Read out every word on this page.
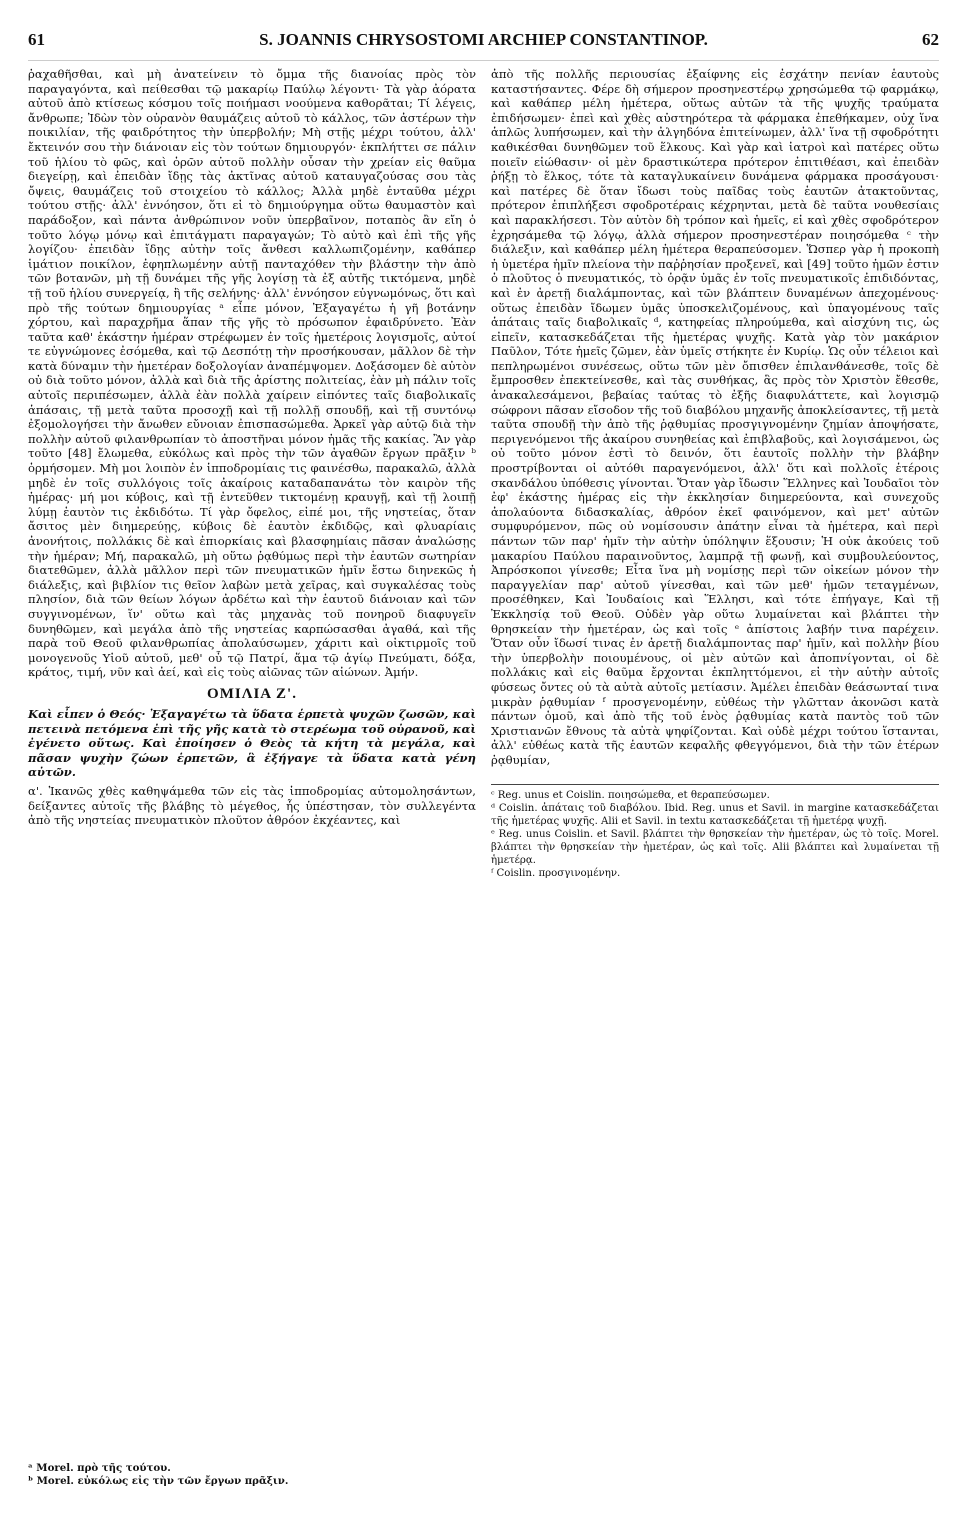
61	S. JOANNIS CHRYSOSTOMI ARCHIEP CONSTANTINOP.	62

ῥαχαθῆσθαι, καὶ μὴ ἀνατείνειν τὸ ὄμμα τῆς διανοίας πρὸς τὸν παραγαγόντα, καὶ πείθεσθαι τῷ μακαρίῳ Παύλῳ λέγοντι· Τὰ γὰρ ἀόρατα αὐτοῦ ἀπὸ κτίσεως κόσμου τοῖς ποιήμασι νοούμενα καθορᾶται; Τί λέγεις, ἄνθρωπε; Ἰδὼν τὸν οὐρανὸν θαυμάζεις αὐτοῦ τὸ κάλλος, τῶν ἀστέρων τὴν ποικιλίαν, τῆς φαιδρότητος τὴν ὑπερβολήν; Μὴ στῇς μέχρι τούτου, ἀλλ' ἔκτεινόν σου τὴν διάνοιαν εἰς τὸν τούτων δημιουργόν· ἐκπλήττει σε πάλιν τοῦ ἡλίου τὸ φῶς, καὶ ὁρῶν αὐτοῦ πολλὴν οὖσαν τὴν χρείαν εἰς θαῦμα διεγείρῃ, καὶ ἐπειδὰν ἴδῃς τὰς ἀκτῖνας αὐτοῦ καταυγαζούσας σου τὰς ὄψεις, θαυμάζεις τοῦ στοιχείου τὸ κάλλος; Ἀλλὰ μηδὲ ἐνταῦθα μέχρι τούτου στῇς· ἀλλ' ἐννόησον, ὅτι εἰ τὸ δημιούργημα οὕτω θαυμαστὸν καὶ παράδοξον, καὶ πάντα ἀνθρώπινον νοῦν ὑπερβαῖνον, ποταπὸς ἂν εἴη ὁ τοῦτο λόγῳ μόνῳ καὶ ἐπιτάγματι παραγαγών; Τὸ αὐτὸ καὶ ἐπὶ τῆς γῆς λογίζου· ἐπειδὰν ἴδῃς αὐτὴν τοῖς ἄνθεσι καλλωπιζομένην, καθάπερ ἱμάτιον ποικίλον, ἐφηπλωμένην αὐτῇ πανταχόθεν τὴν βλάστην τὴν ἀπὸ τῶν βοτανῶν, μὴ τῇ δυνάμει τῆς γῆς λογίσῃ τὰ ἐξ αὐτῆς τικτόμενα, μηδὲ τῇ τοῦ ἡλίου συνεργείᾳ, ἢ τῆς σελήνης· ἀλλ' ἐννόησον εὐγνωμόνως, ὅτι καὶ πρὸ τῆς τούτων δημιουργίας ᵃ εἶπε μόνον, Ἐξαγαγέτω ἡ γῆ βοτάνην χόρτου, καὶ παραχρῆμα ἅπαν τῆς γῆς τὸ πρόσωπον ἐφαιδρύνετο. Ἐὰν ταῦτα καθ' ἑκάστην ἡμέραν στρέφωμεν ἐν τοῖς ἡμετέροις λογισμοῖς, αὐτοί τε εὐγνώμονες ἐσόμεθα, καὶ τῷ Δεσπότῃ τὴν προσήκουσαν, μᾶλλον δὲ τὴν κατὰ δύναμιν τὴν ἡμετέραν δοξολογίαν ἀναπέμψομεν. Δοξάσομεν δὲ αὐτὸν οὐ διὰ τοῦτο μόνον, ἀλλὰ καὶ διὰ τῆς ἀρίστης πολιτείας, ἐὰν μὴ πάλιν τοῖς αὐτοῖς περιπέσωμεν, ἀλλὰ ἐὰν πολλὰ χαίρειν εἰπόντες ταῖς διαβολικαῖς ἁπάσαις, τῇ μετὰ ταῦτα προσοχῇ καὶ τῇ πολλῇ σπουδῇ, καὶ τῇ συντόνῳ ἐξομολογήσει τὴν ἄνωθεν εὔνοιαν ἐπισπασώμεθα. Ἀρκεῖ γὰρ αὐτῷ διὰ τὴν πολλὴν αὐτοῦ φιλανθρωπίαν τὸ ἀποστῆναι μόνον ἡμᾶς τῆς κακίας. Ἂν γὰρ τοῦτο [48] ἔλωμεθα, εὐκόλως καὶ πρὸς τὴν τῶν ἀγαθῶν ἔργων πρᾶξιν ᵇ ὁρμήσομεν. Μὴ μοι λοιπὸν ἐν ἱπποδρομίαις τις φαινέσθω, παρακαλῶ, ἀλλὰ μηδὲ ἐν τοῖς συλλόγοις τοῖς ἀκαίροις καταδαπανάτω τὸν καιρὸν τῆς ἡμέρας· μή μοι κύβοις, καὶ τῇ ἐντεῦθεν τικτομένῃ κραυγῇ, καὶ τῇ λοιπῇ λύμῃ ἑαυτὸν τις ἐκδιδότω. Τί γὰρ ὄφελος, εἰπέ μοι, τῆς νηστείας, ὅταν ἄσιτος μὲν διημερεύῃς, κύβοις δὲ ἑαυτὸν ἐκδιδῷς, καὶ φλυαρίαις ἀνονήτοις, πολλάκις δὲ καὶ ἐπιορκίαις καὶ βλασφημίαις πᾶσαν ἀναλώσῃς τὴν ἡμέραν; Μή, παρακαλῶ, μὴ οὕτω ῥᾳθύμως περὶ τὴν ἑαυτῶν σωτηρίαν διατεθῶμεν, ἀλλὰ μᾶλλον περὶ τῶν πνευματικῶν ἡμῖν ἔστω διηνεκῶς ἡ διάλεξις, καὶ βιβλίον τις θεῖον λαβὼν μετὰ χεῖρας, καὶ συγκαλέσας τοὺς πλησίον, διὰ τῶν θείων λόγων ἀρδέτω καὶ τὴν ἑαυτοῦ διάνοιαν καὶ τῶν συγγινομένων, ἵν' οὕτω καὶ τὰς μηχανὰς τοῦ πονηροῦ διαφυγεῖν δυνηθῶμεν, καὶ μεγάλα ἀπὸ τῆς νηστείας καρπώσασθαι ἀγαθά, καὶ τῆς παρὰ τοῦ Θεοῦ φιλανθρωπίας ἀπολαύσωμεν, χάριτι καὶ οἰκτιρμοῖς τοῦ μονογενοῦς Υἱοῦ αὐτοῦ, μεθ' οὗ τῷ Πατρί, ἅμα τῷ ἁγίῳ Πνεύματι, δόξα, κράτος, τιμή, νῦν καὶ ἀεί, καὶ εἰς τοὺς αἰῶνας τῶν αἰώνων. Ἀμήν.

ΟΜΙΛΙΑ Ζ'.

Καὶ εἶπεν ὁ Θεός· Ἐξαγαγέτω τὰ ὕδατα ἑρπετὰ ψυχῶν ζωσῶν, καὶ πετεινὰ πετόμενα ἐπὶ τῆς γῆς κατὰ τὸ στερέωμα τοῦ οὐρανοῦ, καὶ ἐγένετο οὕτως. Καὶ ἐποίησεν ὁ Θεὸς τὰ κήτη τὰ μεγάλα, καὶ πᾶσαν ψυχὴν ζώων ἑρπετῶν, ἃ ἐξήγαγε τὰ ὕδατα κατὰ γένη αὐτῶν.

α'. Ἱκανῶς χθὲς καθηψάμεθα τῶν εἰς τὰς ἱπποδρομίας αὐτομολησάντων, δείξαντες αὐτοῖς τῆς βλάβης τὸ μέγεθος, ἧς ὑπέστησαν, τὸν συλλεγέντα ἀπὸ τῆς νηστείας πνευματικὸν πλοῦτον ἀθρόον ἐκχέαντες, καὶ

ἀπὸ τῆς πολλῆς περιουσίας ἐξαίφνης εἰς ἐσχάτην πενίαν ἑαυτοὺς καταστήσαντες. Φέρε δὴ σήμερον προσηνεστέρῳ χρησώμεθα τῷ φαρμάκῳ, καὶ καθάπερ μέλη ἡμέτερα, οὕτως αὐτῶν τὰ τῆς ψυχῆς τραύματα ἐπιδήσωμεν· ἐπεὶ καὶ χθὲς αὐστηρότερα τὰ φάρμακα ἐπεθήκαμεν, οὐχ ἵνα ἁπλῶς λυπήσωμεν, καὶ τὴν ἀλγηδόνα ἐπιτείνωμεν, ἀλλ' ἵνα τῇ σφοδρότητι καθικέσθαι δυνηθῶμεν τοῦ ἕλκους. Καὶ γὰρ καὶ ἰατροὶ καὶ πατέρες οὕτω ποιεῖν εἰώθασιν· οἱ μὲν δραστικώτερα πρότερον ἐπιτιθέασι, καὶ ἐπειδὰν ῥήξῃ τὸ ἕλκος, τότε τὰ καταγλυκαίνειν δυνάμενα φάρμακα προσάγουσι· καὶ πατέρες δὲ ὅταν ἴδωσι τοὺς παῖδας τοὺς ἑαυτῶν ἀτακτοῦντας, πρότερον ἐπιπλήξεσι σφοδροτέραις κέχρηνται, μετὰ δὲ ταῦτα νουθεσίαις καὶ παρακλήσεσι. Τὸν αὐτὸν δὴ τρόπον καὶ ἡμεῖς, εἰ καὶ χθὲς σφοδρότερον ἐχρησάμεθα τῷ λόγῳ, ἀλλὰ σήμερον προσηνεστέραν ποιησόμεθα ᶜ τὴν διάλεξιν, καὶ καθάπερ μέλη ἡμέτερα θεραπεύσομεν. Ὥσπερ γὰρ ἡ προκοπὴ ἡ ὑμετέρα ἡμῖν πλείονα τὴν παῤῥησίαν προξενεῖ, καὶ [49] τοῦτο ἡμῶν ἐστιν ὁ πλοῦτος ὁ πνευματικός, τὸ ὁρᾷν ὑμᾶς ἐν τοῖς πνευματικοῖς ἐπιδιδόντας, καὶ ἐν ἀρετῇ διαλάμποντας, καὶ τῶν βλάπτειν δυναμένων ἀπεχομένους· οὕτως ἐπειδὰν ἴδωμεν ὑμᾶς ὑποσκελιζομένους, καὶ ὑπαγομένους ταῖς ἁπάταις ταῖς διαβολικαῖς ᵈ, κατηφείας πληρούμεθα, καὶ αἰσχύνη τις, ὡς εἰπεῖν, κατασκεδάζεται τῆς ἡμετέρας ψυχῆς. Κατὰ γὰρ τὸν μακάριον Παῦλον, Τότε ἡμεῖς ζῶμεν, ἐὰν ὑμεῖς στήκητε ἐν Κυρίῳ. Ὡς οὖν τέλειοι καὶ πεπληρωμένοι συνέσεως, οὕτω τῶν μὲν ὄπισθεν ἐπιλανθάνεσθε, τοῖς δὲ ἔμπροσθεν ἐπεκτείνεσθε, καὶ τὰς συνθήκας, ἃς πρὸς τὸν Χριστὸν ἔθεσθε, ἀνακαλεσάμενοι, βεβαίας ταύτας τὸ ἐξῆς διαφυλάττετε, καὶ λογισμῷ σώφρονι πᾶσαν εἴσοδον τῆς τοῦ διαβόλου μηχανῆς ἀποκλείσαντες, τῇ μετὰ ταῦτα σπουδῇ τὴν ἀπὸ τῆς ῥᾳθυμίας προσγιγνομένην ζημίαν ἀποψήσατε, περιγενόμενοι τῆς ἀκαίρου συνηθείας καὶ ἐπιβλαβοῦς, καὶ λογισάμενοι, ὡς οὐ τοῦτο μόνον ἐστὶ τὸ δεινόν, ὅτι ἑαυτοῖς πολλὴν τὴν βλάβην προστρίβονται οἱ αὐτόθι παραγενόμενοι, ἀλλ' ὅτι καὶ πολλοῖς ἑτέροις σκανδάλου ὑπόθεσις γίνονται. Ὅταν γὰρ ἴδωσιν Ἕλληνες καὶ Ἰουδαῖοι τὸν ἐφ' ἑκάστης ἡμέρας εἰς τὴν ἐκκλησίαν διημερεύοντα, καὶ συνεχοῦς ἀπολαύοντα διδασκαλίας, ἀθρόον ἐκεῖ φαινόμενον, καὶ μετ' αὐτῶν συμφυρόμενον, πῶς οὐ νομίσουσιν ἀπάτην εἶναι τὰ ἡμέτερα, καὶ περὶ πάντων τῶν παρ' ἡμῖν τὴν αὐτὴν ὑπόληψιν ἕξουσιν; Ἡ οὐκ ἀκούεις τοῦ μακαρίου Παύλου παραινοῦντος, λαμπρᾷ τῇ φωνῇ, καὶ συμβουλεύοντος, Ἀπρόσκοποι γίνεσθε; Εἶτα ἵνα μὴ νομίσῃς περὶ τῶν οἰκείων μόνον τὴν παραγγελίαν παρ' αὐτοῦ γίνεσθαι, καὶ τῶν μεθ' ἡμῶν τεταγμένων, προσέθηκεν, Καὶ Ἰουδαίοις καὶ Ἕλλησι, καὶ τότε ἐπήγαγε, Καὶ τῇ Ἐκκλησίᾳ τοῦ Θεοῦ. Οὐδὲν γὰρ οὕτω λυμαίνεται καὶ βλάπτει τὴν θρησκείαν τὴν ἡμετέραν, ὡς καὶ τοῖς ᵉ ἀπίστοις λαβήν τινα παρέχειν. Ὅταν οὖν ἴδωσί τινας ἐν ἀρετῇ διαλάμποντας παρ' ἡμῖν, καὶ πολλὴν βίου τὴν ὑπερβολὴν ποιουμένους, οἱ μὲν αὐτῶν καὶ ἀποπνίγονται, οἱ δὲ πολλάκις καὶ εἰς θαῦμα ἔρχονται ἐκπληττόμενοι, εἰ τὴν αὐτὴν αὐτοῖς φύσεως ὄντες οὐ τὰ αὐτὰ αὐτοῖς μετίασιν. Ἀμέλει ἐπειδὰν θεάσωνταί τινα μικρὰν ῥᾳθυμίαν ᶠ προσγενομένην, εὐθέως τὴν γλῶτταν ἀκονῶσι κατὰ πάντων ὁμοῦ, καὶ ἀπὸ τῆς τοῦ ἑνὸς ῥᾳθυμίας κατὰ παντὸς τοῦ τῶν Χριστιανῶν ἔθνους τὰ αὐτὰ ψηφίζονται. Καὶ οὐδὲ μέχρι τούτου ἵστανται, ἀλλ' εὐθέως κατὰ τῆς ἑαυτῶν κεφαλῆς φθεγγόμενοι, διὰ τὴν τῶν ἑτέρων ῥᾳθυμίαν,

ᶜ Reg. unus et Coislin. ποιησώμεθα, et θεραπεύσωμεν.

ᵈ Coislin. ἀπάταις τοῦ διαβόλου. Ibid. Reg. unus et Savil. in margine κατασκεδάζεται τῆς ἡμετέρας ψυχῆς. Alii et Savil. in textu κατασκεδάζεται τῇ ἡμετέρᾳ ψυχῇ.

ᵉ Reg. unus Coislin. et Savil. βλάπτει τὴν θρησκείαν τὴν ἡμετέραν, ὡς τὸ τοῖς. Morel. βλάπτει τὴν θρησκείαν τὴν ἡμετέραν, ὡς καὶ τοῖς. Alii βλάπτει καὶ λυμαίνεται τῇ ἡμετέρᾳ.

ᶠ Coislin. προσγινομένην.

ᵃ Morel. πρὸ τῆς τούτου.

ᵇ Morel. εὐκόλως εἰς τὴν τῶν ἔργων πρᾶξιν.
